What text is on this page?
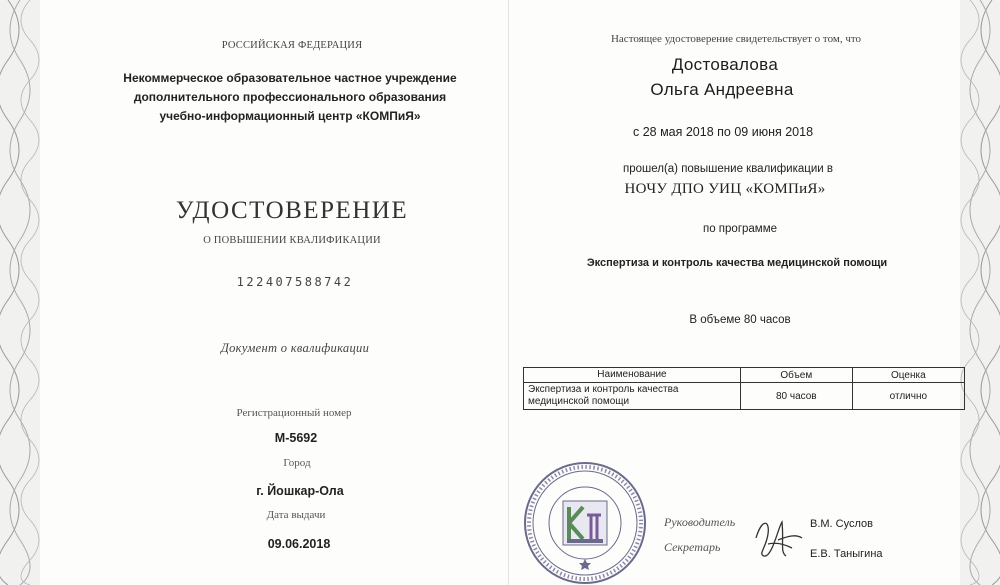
РОССИЙСКАЯ ФЕДЕРАЦИЯ
Некоммерческое образовательнoe частное учреждение
дополнительного профессионального образования
учебно-информационный центр «КОМПиЯ»
УДОСТОВЕРЕНИЕ
О ПОВЫШЕНИИ КВАЛИФИКАЦИИ
122407588742
Документ о квалификации
Регистрационный номер
М-5692
Город
г. Йошкар-Ола
Дата выдачи
09.06.2018
Настоящее удостоверение свидетельствует о том, что
Достовалова
Ольга Андреевна
с 28 мая 2018 по 09 июня 2018
прошел(а) повышение квалификации в
НОЧУ ДПО УИЦ «КОМПиЯ»
по программе
Экспертиза и контроль качества медицинской помощи
В объеме 80 часов
Наименование	Объем	Оценка
Экспертиза и контроль качества медицинской помощи	80 часов	отлично
Руководитель
Секретарь
В.М. Суслов
Е.В. Таныгина
